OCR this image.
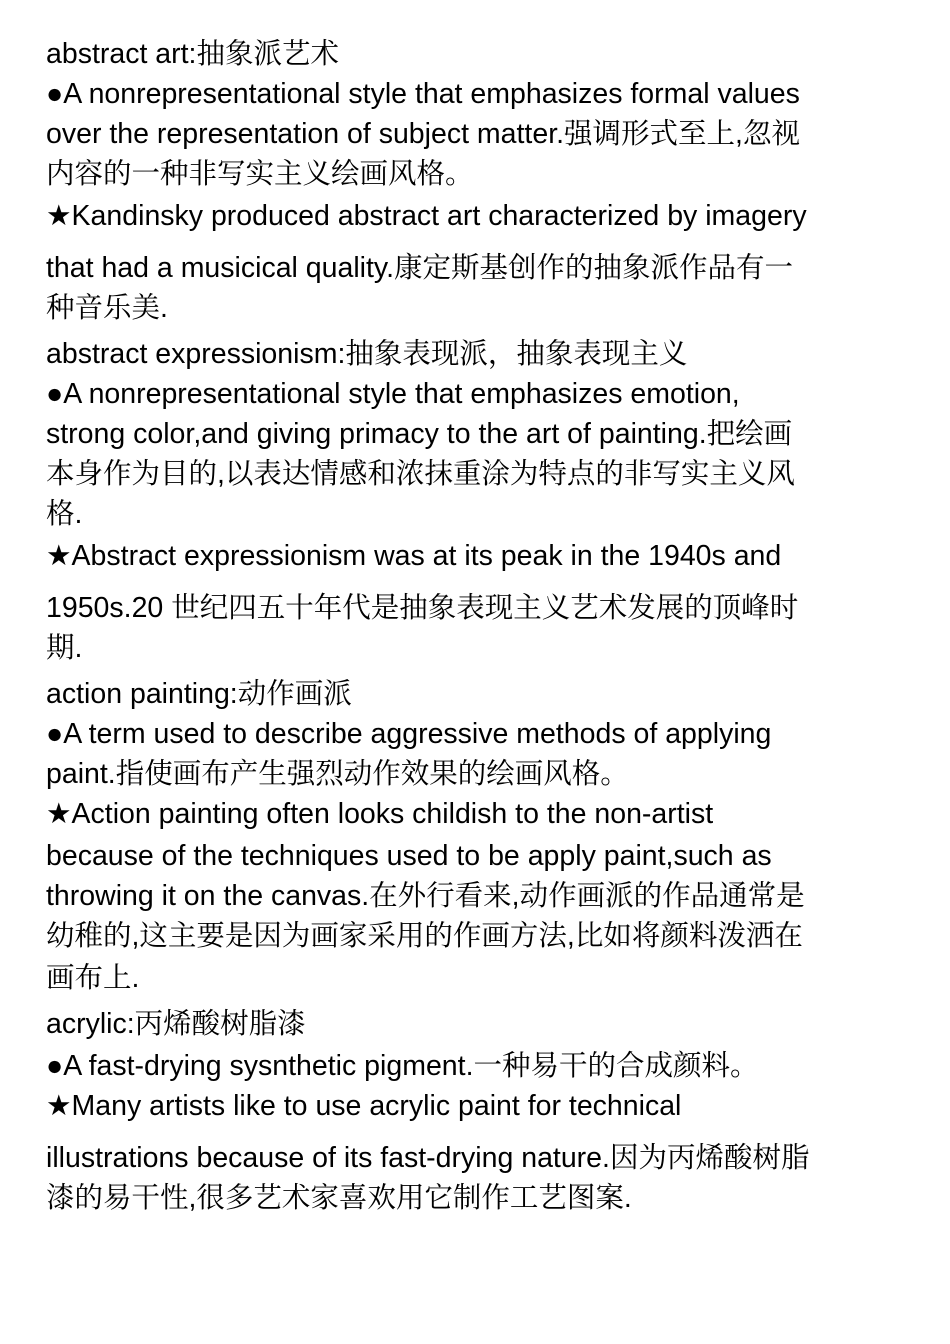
abstract art:抽象派艺术
●A nonrepresentational style that emphasizes formal values
over the representation of subject matter.强调形式至上,忽视
内容的一种非写实主义绘画风格。
★Kandinsky produced abstract art characterized by imagery
that had a musicical quality.康定斯基创作的抽象派作品有一
种音乐美.
abstract expressionism:抽象表现派，抽象表现主义
●A nonrepresentational style that emphasizes emotion,
strong color,and giving primacy to the art of painting.把绘画
本身作为目的,以表达情感和浓抹重涂为特点的非写实主义风
格.
★Abstract expressionism was at its peak in the 1940s and
1950s.20 世纪四五十年代是抽象表现主义艺术发展的顶峰时
期.
action painting:动作画派
●A term used to describe aggressive methods of applying
paint.指使画布产生强烈动作效果的绘画风格。
★Action painting often looks childish to the non-artist
because of the techniques used to be apply paint,such as
throwing it on the canvas.在外行看来,动作画派的作品通常是
幼稚的,这主要是因为画家采用的作画方法,比如将颜料泼洒在
画布上.
acrylic:丙烯酸树脂漆
●A fast-drying sysnthetic pigment.一种易干的合成颜料。
★Many artists like to use acrylic paint for technical
illustrations because of its fast-drying nature.因为丙烯酸树脂
漆的易干性,很多艺术家喜欢用它制作工艺图案.
